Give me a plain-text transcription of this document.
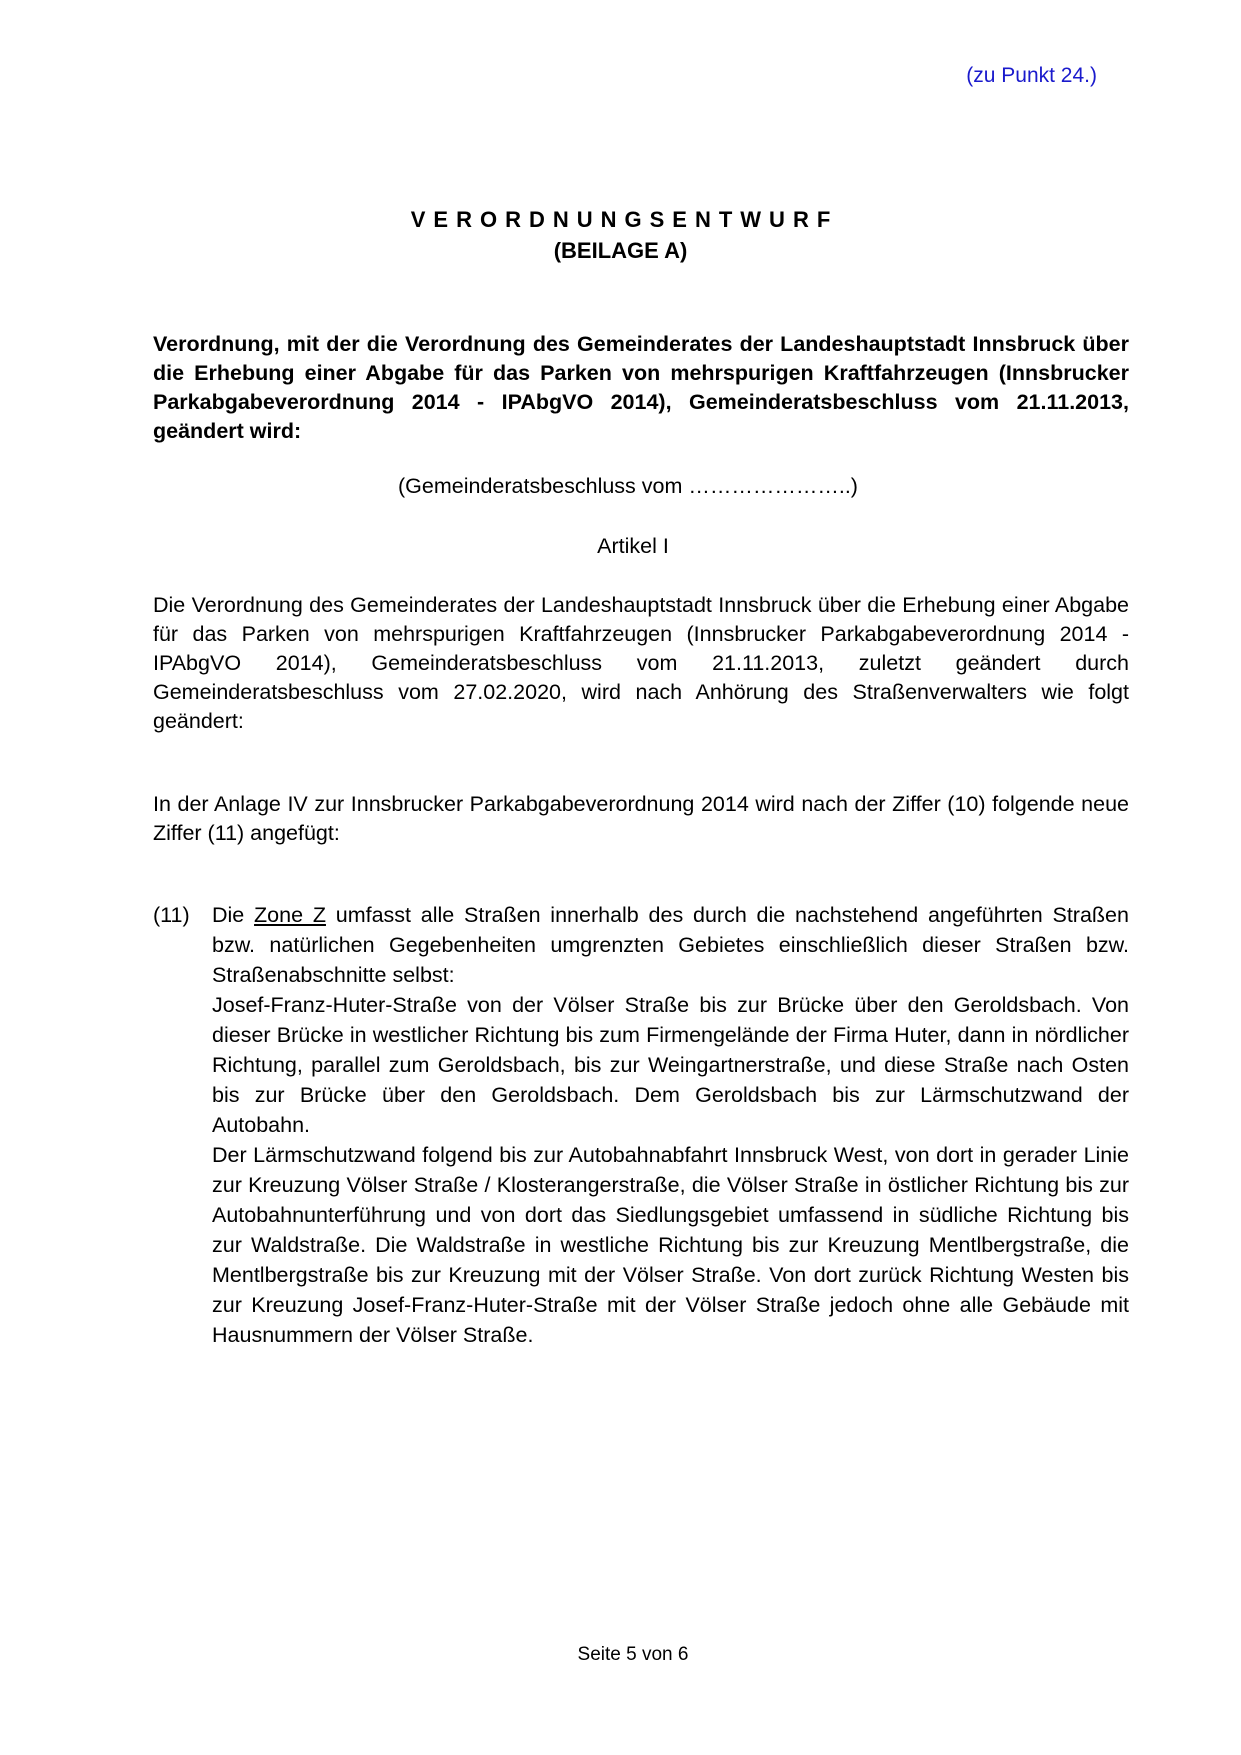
(zu Punkt 24.)
VERORDNUNGSENTWURF
(BEILAGE A)
Verordnung, mit der die Verordnung des Gemeinderates der Landeshauptstadt Innsbruck über die Erhebung einer Abgabe für das Parken von mehrspurigen Kraftfahrzeugen (Innsbrucker Parkabgabeverordnung 2014 - IPAbgVO 2014), Gemeinderatsbeschluss vom 21.11.2013, geändert wird:
(Gemeinderatsbeschluss vom …………………..)
Artikel I
Die Verordnung des Gemeinderates der Landeshauptstadt Innsbruck über die Erhebung einer Abgabe für das Parken von mehrspurigen Kraftfahrzeugen (Innsbrucker Parkabgabeverordnung 2014 - IPAbgVO 2014), Gemeinderatsbeschluss vom 21.11.2013, zuletzt geändert durch Gemeinderatsbeschluss vom 27.02.2020, wird nach Anhörung des Straßenverwalters wie folgt geändert:
In der Anlage IV zur Innsbrucker Parkabgabeverordnung 2014 wird nach der Ziffer (10) folgende neue Ziffer (11) angefügt:
(11) Die Zone Z umfasst alle Straßen innerhalb des durch die nachstehend angeführten Straßen bzw. natürlichen Gegebenheiten umgrenzten Gebietes einschließlich dieser Straßen bzw. Straßenabschnitte selbst:

Josef-Franz-Huter-Straße von der Völser Straße bis zur Brücke über den Geroldsbach. Von dieser Brücke in westlicher Richtung bis zum Firmengelände der Firma Huter, dann in nördlicher Richtung, parallel zum Geroldsbach, bis zur Weingartnerstraße, und diese Straße nach Osten bis zur Brücke über den Geroldsbach. Dem Geroldsbach bis zur Lärmschutzwand der Autobahn.

Der Lärmschutzwand folgend bis zur Autobahnabfahrt Innsbruck West, von dort in gerader Linie zur Kreuzung Völser Straße / Klosterangerstraße, die Völser Straße in östlicher Richtung bis zur Autobahnunterführung und von dort das Siedlungsgebiet umfassend in südliche Richtung bis zur Waldstraße. Die Waldstraße in westliche Richtung bis zur Kreuzung Mentlbergstraße, die Mentlbergstraße bis zur Kreuzung mit der Völser Straße. Von dort zurück Richtung Westen bis zur Kreuzung Josef-Franz-Huter-Straße mit der Völser Straße jedoch ohne alle Gebäude mit Hausnummern der Völser Straße.

Seite 5 von 6
